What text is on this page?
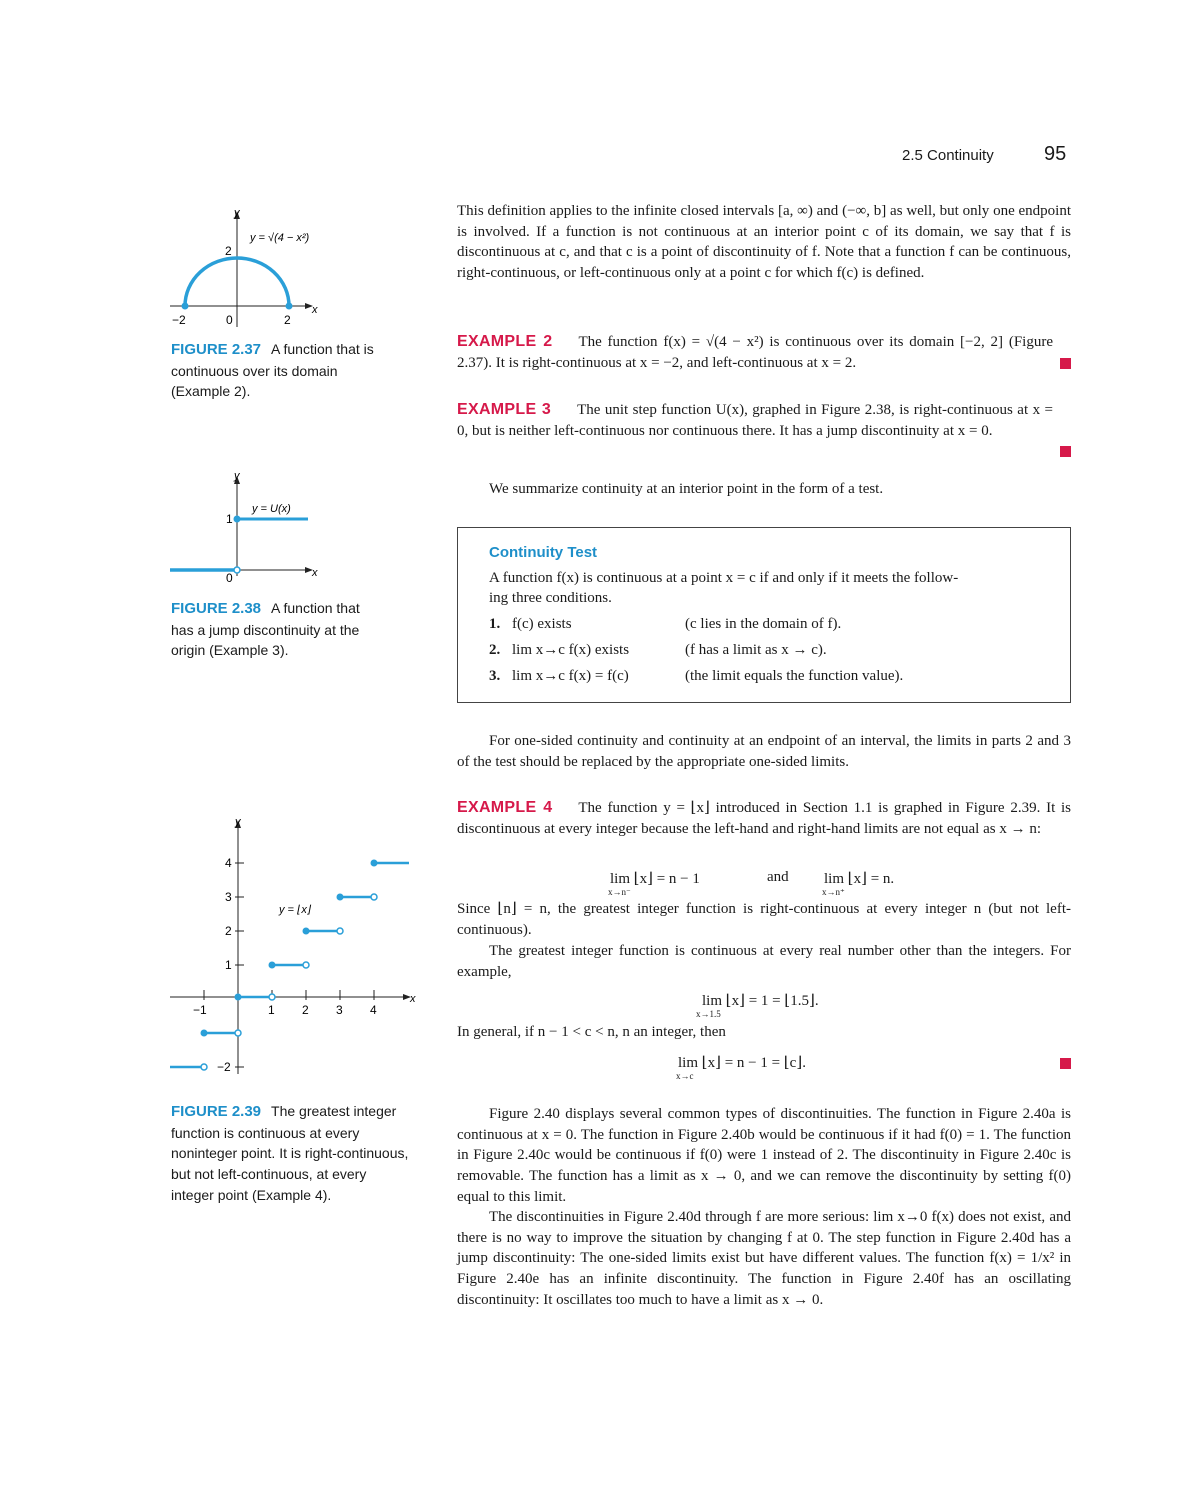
2.5 Continuity	95
y
x
−2	0	2
2
y = √(4 − x²)
FIGURE 2.37 A function that is continuous over its domain (Example 2).
y
x
1
0
y = U(x)
FIGURE 2.38 A function that has a jump discontinuity at the origin (Example 3).
y
x
4
3
2
1
−2
−1	1 2 3 4
y = ⌊x⌋
FIGURE 2.39 The greatest integer function is continuous at every noninteger point. It is right-continuous, but not left-continuous, at every integer point (Example 4).
This definition applies to the infinite closed intervals [a, ∞) and (−∞, b] as well, but only one endpoint is involved. If a function is not continuous at an interior point c of its domain, we say that f is discontinuous at c, and that c is a point of discontinuity of f. Note that a function f can be continuous, right-continuous, or left-continuous only at a point c for which f(c) is defined.
EXAMPLE 2 The function f(x) = √(4 − x²) is continuous over its domain [−2, 2] (Figure 2.37). It is right-continuous at x = −2, and left-continuous at x = 2.
EXAMPLE 3 The unit step function U(x), graphed in Figure 2.38, is right-continuous at x = 0, but is neither left-continuous nor continuous there. It has a jump discontinuity at x = 0.
We summarize continuity at an interior point in the form of a test.
Continuity Test
A function f(x) is continuous at a point x = c if and only if it meets the follow-
ing three conditions.
1. f(c) exists	(c lies in the domain of f).
2. lim x→c f(x) exists	(f has a limit as x → c).
3. lim x→c f(x) = f(c)	(the limit equals the function value).
For one-sided continuity and continuity at an endpoint of an interval, the limits in parts 2 and 3 of the test should be replaced by the appropriate one-sided limits.
EXAMPLE 4 The function y = ⌊x⌋ introduced in Section 1.1 is graphed in Figure 2.39. It is discontinuous at every integer because the left-hand and right-hand limits are not equal as x → n:
lim ⌊x⌋ = n − 1
x→n⁻
and lim ⌊x⌋ = n.
x→n⁺
Since ⌊n⌋ = n, the greatest integer function is right-continuous at every integer n (but not left-continuous).
The greatest integer function is continuous at every real number other than the integers. For example,
lim ⌊x⌋ = 1 = ⌊1.5⌋.
x→1.5
In general, if n − 1 < c < n, n an integer, then
lim ⌊x⌋ = n − 1 = ⌊c⌋.
x→c
Figure 2.40 displays several common types of discontinuities. The function in Figure 2.40a is continuous at x = 0. The function in Figure 2.40b would be continuous if it had f(0) = 1. The function in Figure 2.40c would be continuous if f(0) were 1 instead of 2. The discontinuity in Figure 2.40c is removable. The function has a limit as x → 0, and we can remove the discontinuity by setting f(0) equal to this limit.
The discontinuities in Figure 2.40d through f are more serious: lim x→0 f(x) does not exist, and there is no way to improve the situation by changing f at 0. The step function in Figure 2.40d has a jump discontinuity: The one-sided limits exist but have different values. The function f(x) = 1/x² in Figure 2.40e has an infinite discontinuity. The function in Figure 2.40f has an oscillating discontinuity: It oscillates too much to have a limit as x → 0.
